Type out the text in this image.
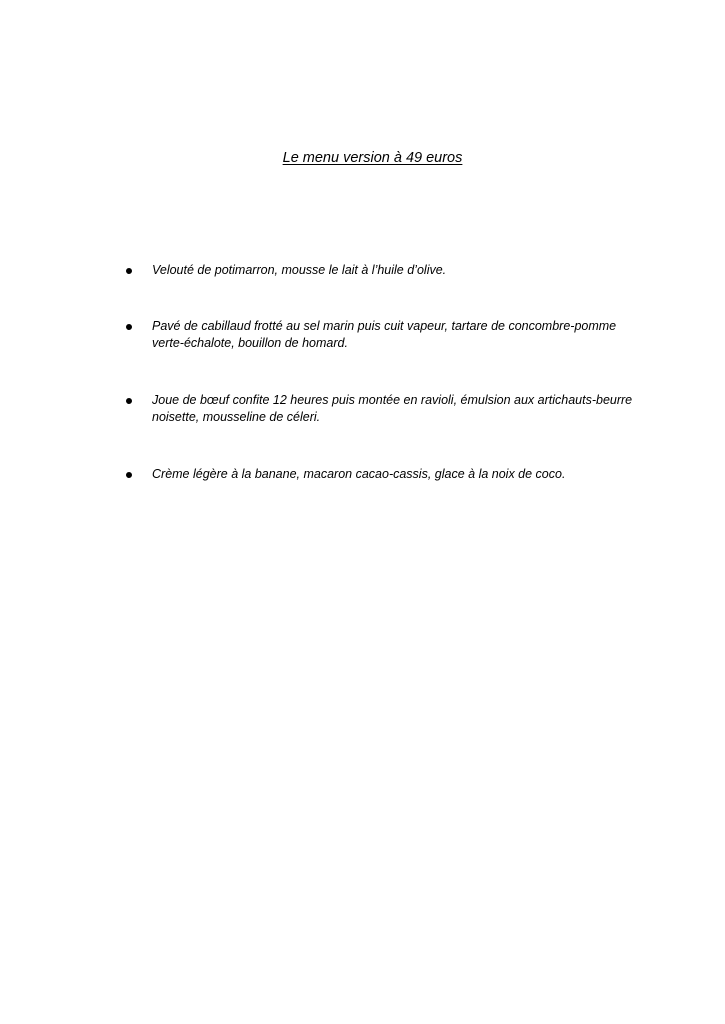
Le menu version à 49 euros
Velouté de potimarron, mousse le lait à l’huile d’olive.
Pavé de cabillaud frotté au sel marin puis cuit vapeur, tartare de concombre-pomme verte-échalote, bouillon de homard.
Joue de bœuf confite 12 heures puis montée en ravioli, émulsion aux artichauts-beurre noisette, mousseline de céleri.
Crème légère à la banane, macaron cacao-cassis, glace à la noix de coco.
